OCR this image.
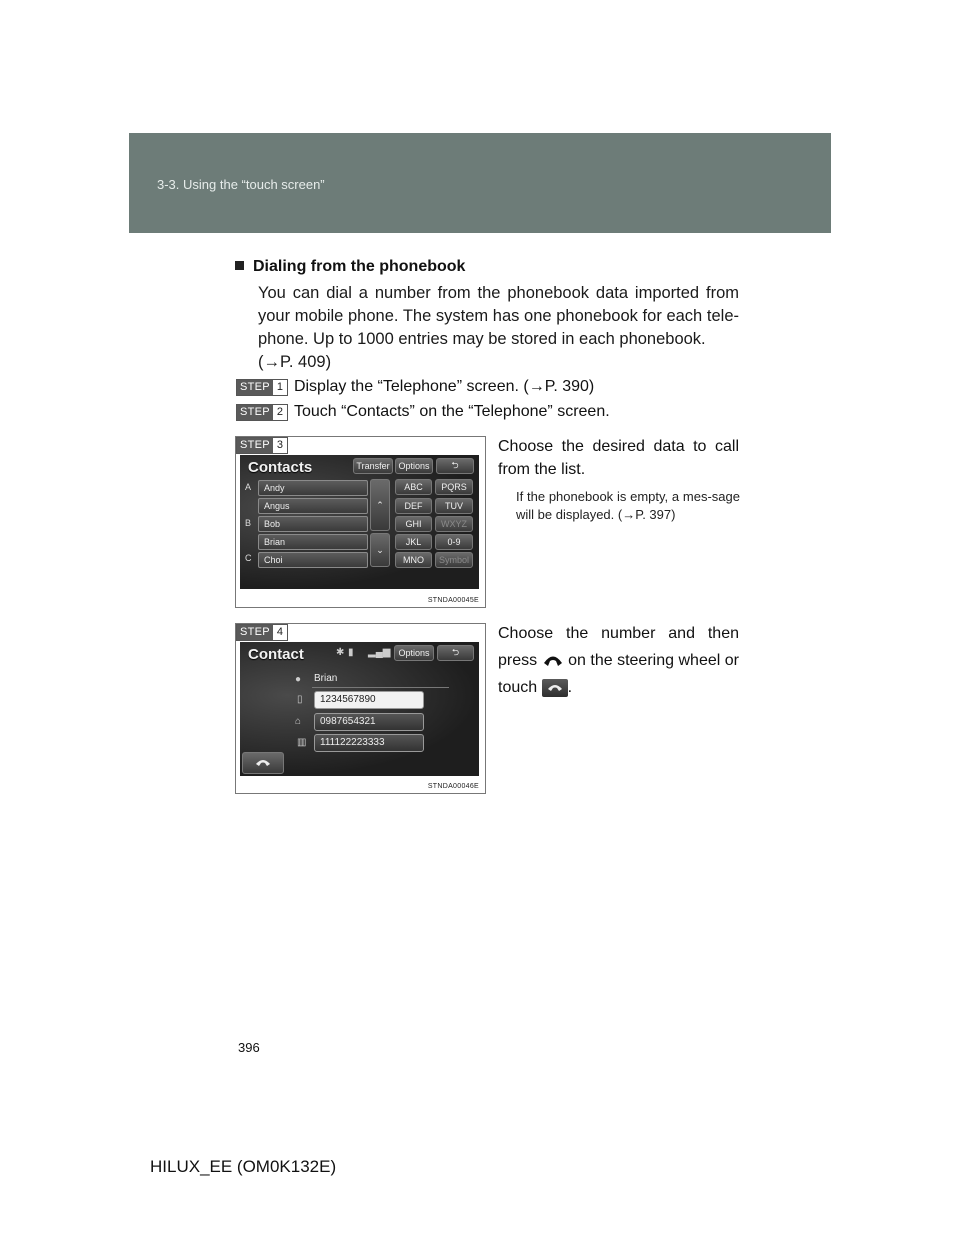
3-3. Using the “touch screen”
Dialing from the phonebook
You can dial a number from the phonebook data imported from your mobile phone. The system has one phonebook for each tele-phone. Up to 1000 entries may be stored in each phonebook.
(→P. 409)
STEP 1 Display the “Telephone” screen. (→P. 390)
STEP 2 Touch “Contacts” on the “Telephone” screen.
STEP 3
Contacts	Transfer Options	⮌
A
B
C
Andy
Angus
Bob
Brian
Choi
⌃
⌄
ABC	PQRS
DEF	TUV
GHI	WXYZ
JKL	0-9
MNO	Symbol
STNDA00045E
Choose the desired data to call from the list.
If the phonebook is empty, a mes-sage will be displayed. (→P. 397)
STEP 4
Contact	✱ ▮ ▂▄▆ Options	⮌
● Brian
▯	1234567890
⌂	0987654321
▥	111122223333
STNDA00046E
Choose the number and then press on the steering wheel or touch .
396
HILUX_EE (OM0K132E)
